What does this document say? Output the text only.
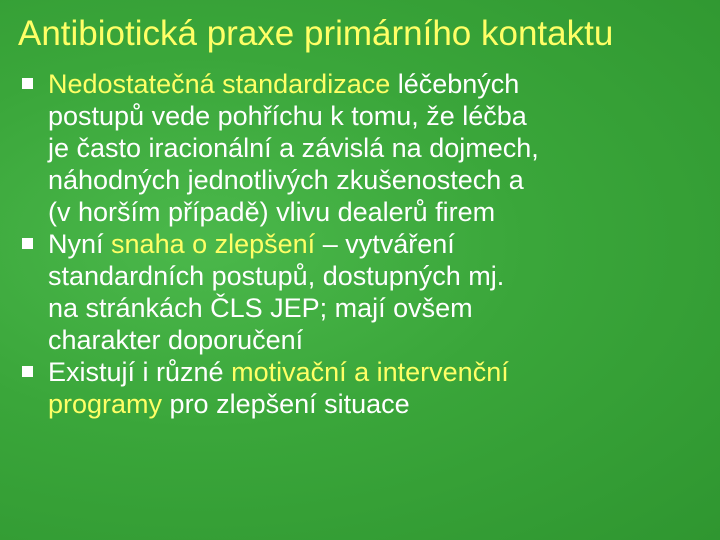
Antibiotická praxe primárního kontaktu
Nedostatečná standardizace léčebných
postupů vede pohříchu k tomu, že léčba
je často iracionální a závislá na dojmech,
náhodných jednotlivých zkušenostech a
(v horším případě) vlivu dealerů firem
Nyní snaha o zlepšení – vytváření
standardních postupů, dostupných mj.
na stránkách ČLS JEP; mají ovšem
charakter doporučení
Existují i různé motivační a intervenční
programy pro zlepšení situace
